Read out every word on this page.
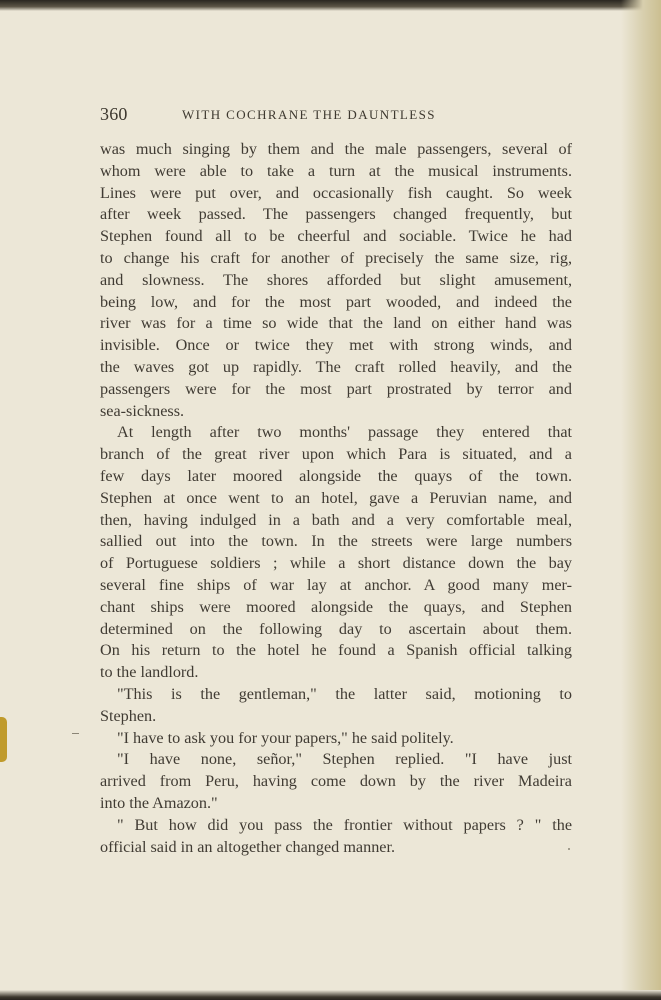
360	WITH COCHRANE THE DAUNTLESS
was much singing by them and the male passengers, several of
whom were able to take a turn at the musical instruments.
Lines were put over, and occasionally fish caught. So week
after week passed. The passengers changed frequently, but
Stephen found all to be cheerful and sociable. Twice he had
to change his craft for another of precisely the same size, rig,
and slowness. The shores afforded but slight amusement,
being low, and for the most part wooded, and indeed the
river was for a time so wide that the land on either hand was
invisible. Once or twice they met with strong winds, and
the waves got up rapidly. The craft rolled heavily, and the
passengers were for the most part prostrated by terror and
sea-sickness.
At length after two months' passage they entered that
branch of the great river upon which Para is situated, and a
few days later moored alongside the quays of the town.
Stephen at once went to an hotel, gave a Peruvian name, and
then, having indulged in a bath and a very comfortable meal,
sallied out into the town. In the streets were large numbers
of Portuguese soldiers ; while a short distance down the bay
several fine ships of war lay at anchor. A good many mer-
chant ships were moored alongside the quays, and Stephen
determined on the following day to ascertain about them.
On his return to the hotel he found a Spanish official talking
to the landlord.
"This is the gentleman," the latter said, motioning to
Stephen.
"I have to ask you for your papers," he said politely.
"I have none, señor," Stephen replied. "I have just
arrived from Peru, having come down by the river Madeira
into the Amazon."
" But how did you pass the frontier without papers ? " the
official said in an altogether changed manner.
